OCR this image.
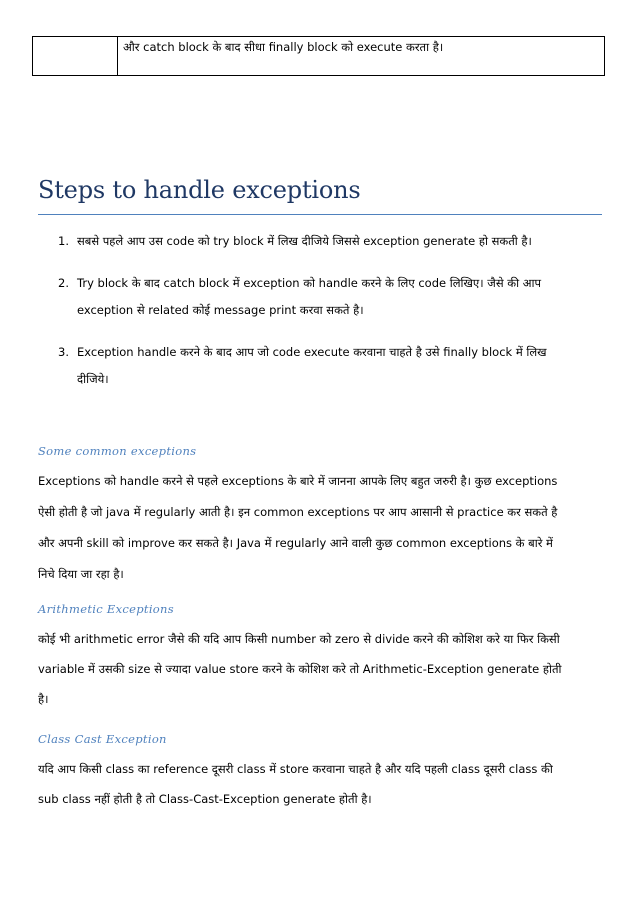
और catch block के बाद सीधा finally block को execute करता है।
Steps to handle exceptions
1. सबसे पहले आप उस code को try block में लिख दीजिये जिससे exception generate हो सकती है।
2. Try block के बाद catch block में exception को handle करने के लिए code लिखिए। जैसे की आप
exception से related कोई message print करवा सकते है।
3. Exception handle करने के बाद आप जो code execute करवाना चाहते है उसे finally block में लिख
दीजिये।
Some common exceptions
Exceptions को handle करने से पहले exceptions के बारे में जानना आपके लिए बहुत जरुरी है। कुछ exceptions
ऐसी होती है जो java में regularly आती है। इन common exceptions पर आप आसानी से practice कर सकते है
और अपनी skill को improve कर सकते है। Java में regularly आने वाली कुछ common exceptions के बारे में
निचे दिया जा रहा है।
Arithmetic Exceptions
कोई भी arithmetic error जैसे की यदि आप किसी number को zero से divide करने की कोशिश करे या फिर किसी
variable में उसकी size से ज्यादा value store करने के कोशिश करे तो Arithmetic-Exception generate होती
है।
Class Cast Exception
यदि आप किसी class का reference दूसरी class में store करवाना चाहते है और यदि पहली class दूसरी class की
sub class नहीं होती है तो Class-Cast-Exception generate होती है।
